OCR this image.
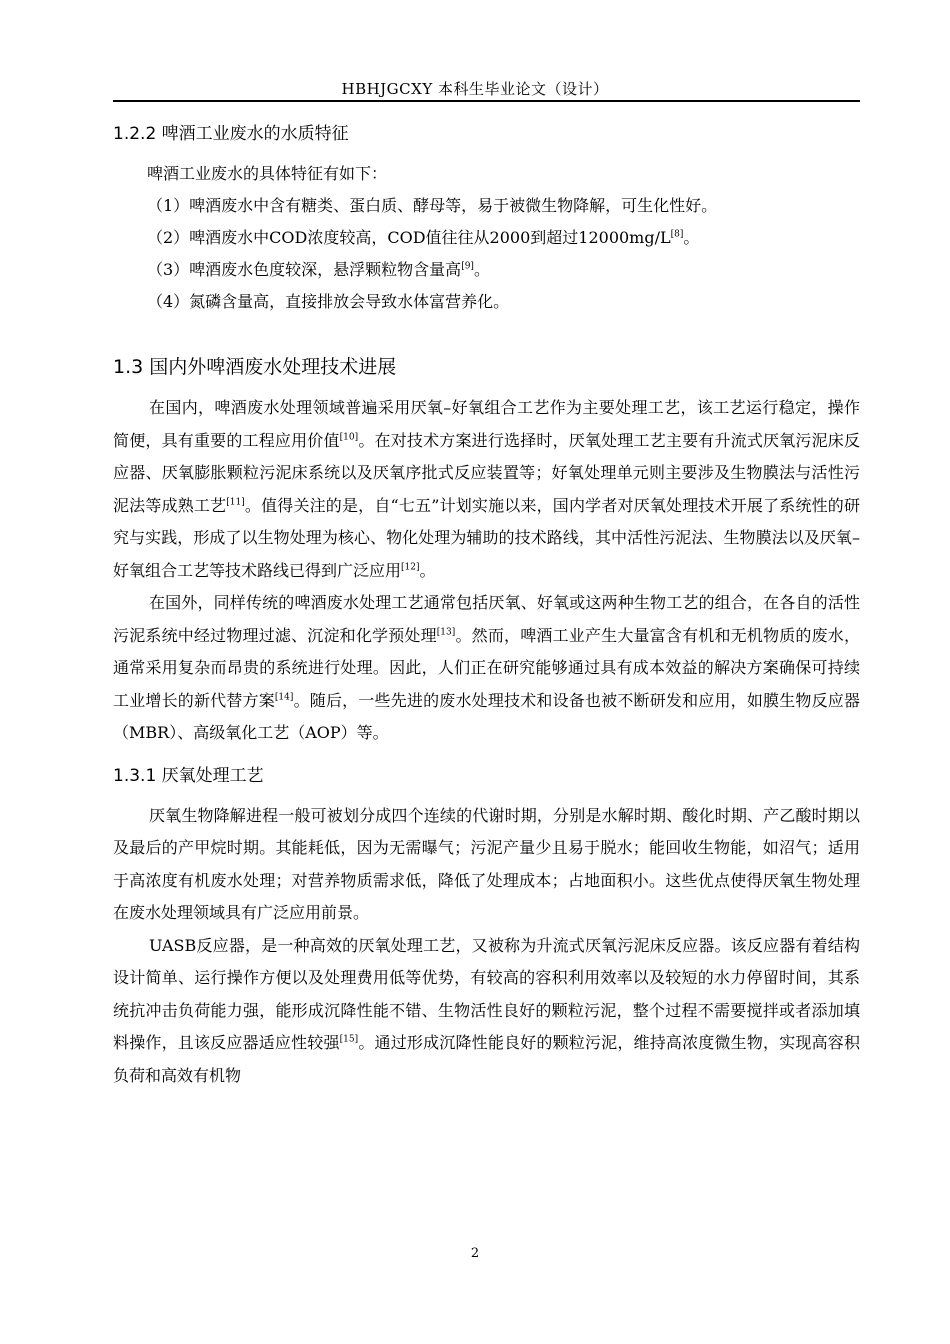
HBHJGCXY 本科生毕业论文（设计）
1.2.2 啤酒工业废水的水质特征

啤酒工业废水的具体特征有如下：

（1）啤酒废水中含有糖类、蛋白质、酵母等，易于被微生物降解，可生化性好。

（2）啤酒废水中COD浓度较高，COD值往往从2000到超过12000mg/L[8]。

（3）啤酒废水色度较深，悬浮颗粒物含量高[9]。

（4）氮磷含量高，直接排放会导致水体富营养化。

1.3 国内外啤酒废水处理技术进展

在国内，啤酒废水处理领域普遍采用厌氧–好氧组合工艺作为主要处理工艺，该工艺运行稳定，操作简便，具有重要的工程应用价值[10]。在对技术方案进行选择时，厌氧处理工艺主要有升流式厌氧污泥床反应器、厌氧膨胀颗粒污泥床系统以及厌氧序批式反应装置等；好氧处理单元则主要涉及生物膜法与活性污泥法等成熟工艺[11]。值得关注的是，自“七五”计划实施以来，国内学者对厌氧处理技术开展了系统性的研究与实践，形成了以生物处理为核心、物化处理为辅助的技术路线，其中活性污泥法、生物膜法以及厌氧–好氧组合工艺等技术路线已得到广泛应用[12]。

在国外，同样传统的啤酒废水处理工艺通常包括厌氧、好氧或这两种生物工艺的组合，在各自的活性污泥系统中经过物理过滤、沉淀和化学预处理[13]。然而，啤酒工业产生大量富含有机和无机物质的废水，通常采用复杂而昂贵的系统进行处理。因此，人们正在研究能够通过具有成本效益的解决方案确保可持续工业增长的新代替方案[14]。随后，一些先进的废水处理技术和设备也被不断研发和应用，如膜生物反应器（MBR）、高级氧化工艺（AOP）等。

1.3.1 厌氧处理工艺

厌氧生物降解进程一般可被划分成四个连续的代谢时期，分别是水解时期、酸化时期、产乙酸时期以及最后的产甲烷时期。其能耗低，因为无需曝气；污泥产量少且易于脱水；能回收生物能，如沼气；适用于高浓度有机废水处理；对营养物质需求低，降低了处理成本；占地面积小。这些优点使得厌氧生物处理在废水处理领域具有广泛应用前景。

UASB反应器，是一种高效的厌氧处理工艺，又被称为升流式厌氧污泥床反应器。该反应器有着结构设计简单、运行操作方便以及处理费用低等优势，有较高的容积利用效率以及较短的水力停留时间，其系统抗冲击负荷能力强，能形成沉降性能不错、生物活性良好的颗粒污泥，整个过程不需要搅拌或者添加填料操作，且该反应器适应性较强[15]。通过形成沉降性能良好的颗粒污泥，维持高浓度微生物，实现高容积负荷和高效有机物

2
